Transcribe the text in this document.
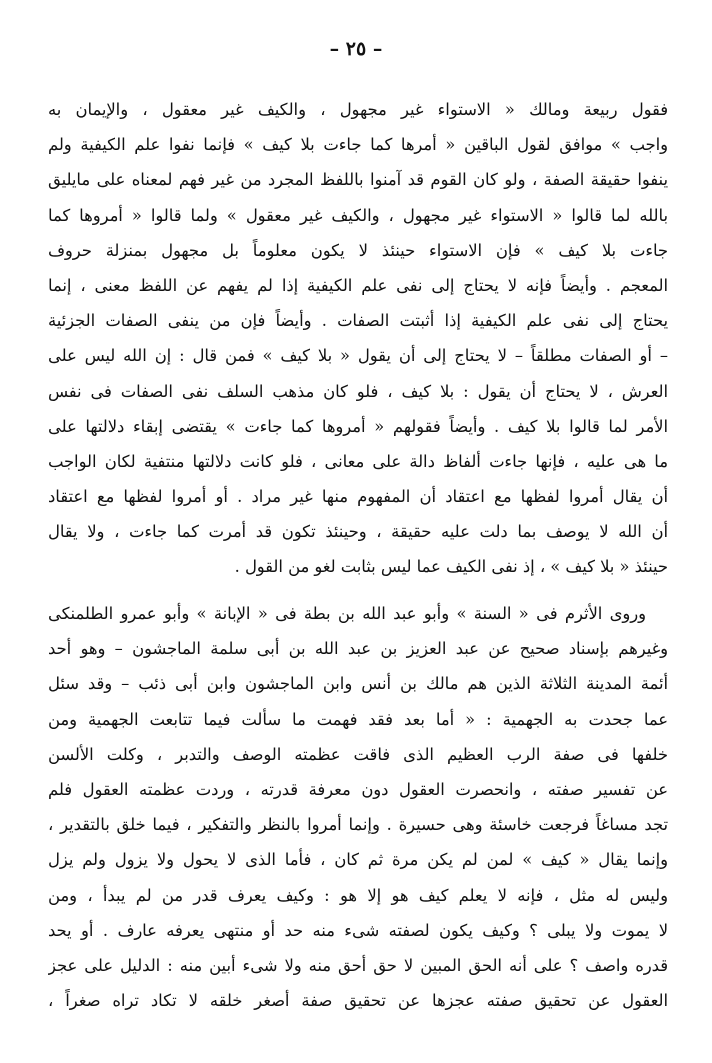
– ٢٥ –
فقول ربيعة ومالك « الاستواء غير مجهول ، والكيف غير معقول ، والإيمان به
واجب » موافق لقول الباقين « أمرها كما جاءت بلا كيف » فإنما نفوا علم الكيفية ولم
ينفوا حقيقة الصفة ، ولو كان القوم قد آمنوا باللفظ المجرد من غير فهم لمعناه على مايليق
بالله لما قالوا « الاستواء غير مجهول ، والكيف غير معقول » ولما قالوا « أمروها كما
جاءت بلا كيف » فإن الاستواء حينئذ لا يكون معلوماً بل مجهول بمنزلة حروف
المعجم . وأيضاً فإنه لا يحتاج إلى نفى علم الكيفية إذا لم يفهم عن اللفظ معنى ، إنما
يحتاج إلى نفى علم الكيفية إذا أثبتت الصفات . وأيضاً فإن من ينفى الصفات الجزئية
– أو الصفات مطلقاً – لا يحتاج إلى أن يقول « بلا كيف » فمن قال : إن الله ليس على
العرش ، لا يحتاج أن يقول : بلا كيف ، فلو كان مذهب السلف نفى الصفات فى نفس
الأمر لما قالوا بلا كيف . وأيضاً فقولهم « أمروها كما جاءت » يقتضى إبقاء دلالتها على
ما هى عليه ، فإنها جاءت ألفاظ دالة على معانى ، فلو كانت دلالتها منتفية لكان الواجب
أن يقال أمروا لفظها مع اعتقاد أن المفهوم منها غير مراد . أو أمروا لفظها مع اعتقاد
أن الله لا يوصف بما دلت عليه حقيقة ، وحينئذ تكون قد أمرت كما جاءت ، ولا يقال
حينئذ « بلا كيف » ، إذ نفى الكيف عما ليس بثابت لغو من القول .
وروى الأثرم فى « السنة » وأبو عبد الله بن بطة فى « الإبانة » وأبو عمرو الطلمنكى
وغيرهم بإسناد صحيح عن عبد العزيز بن عبد الله بن أبى سلمة الماجشون – وهو أحد
أئمة المدينة الثلاثة الذين هم مالك بن أنس وابن الماجشون وابن أبى ذئب – وقد سئل
عما جحدت به الجهمية : « أما بعد فقد فهمت ما سألت فيما تتابعت الجهمية ومن
خلفها فى صفة الرب العظيم الذى فاقت عظمته الوصف والتدبر ، وكلت الألسن
عن تفسير صفته ، وانحصرت العقول دون معرفة قدرته ، وردت عظمته العقول فلم
تجد مساغاً فرجعت خاسئة وهى حسيرة . وإنما أمروا بالنظر والتفكير ، فيما خلق بالتقدير ،
وإنما يقال « كيف » لمن لم يكن مرة ثم كان ، فأما الذى لا يحول ولا يزول ولم يزل
وليس له مثل ، فإنه لا يعلم كيف هو إلا هو : وكيف يعرف قدر من لم يبدأ ، ومن
لا يموت ولا يبلى ؟ وكيف يكون لصفته شىء منه حد أو منتهى يعرفه عارف . أو يحد
قدره واصف ؟ على أنه الحق المبين لا حق أحق منه ولا شىء أبين منه : الدليل على عجز
العقول عن تحقيق صفته عجزها عن تحقيق صفة أصغر خلقه لا تكاد تراه صغراً ،
